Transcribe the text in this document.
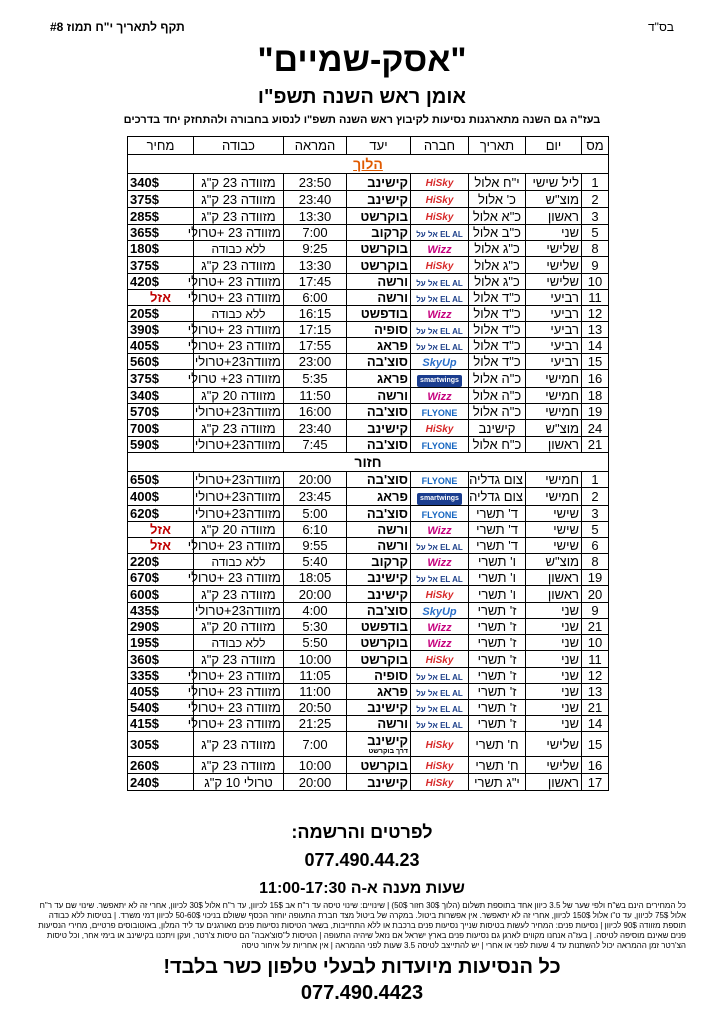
בס"ד
תקף לתאריך י"ח תמוז #8
"אסק-שמיים"
אומן ראש השנה תשפ"ו
בעז"ה גם השנה מתארגנות נסיעות לקיבוץ ראש השנה תשפ"ו לנסוע בחבורה ולהתחזק יחד בדרכים
מס	יום	תאריך	חברה	יעד	המראה	כבודה	מחיר
הלוך							
1	ליל שישי	י"ח אלול	HiSky	קישינב	23:50	מזוודה 23 ק"ג	340$
2	מוצ"ש	כ' אלול	HiSky	קישינב	23:40	מזוודה 23 ק"ג	375$
3	ראשון	כ"א אלול	HiSky	בוקרשט	13:30	מזוודה 23 ק"ג	285$
5	שני	כ"ב אלול	EL AL אל על	קרקוב	7:00	מזוודה 23 +טרולי	365$
8	שלישי	כ"ג אלול	Wizz	בוקרשט	9:25	ללא כבודה	180$
9	שלישי	כ"ג אלול	HiSky	בוקרשט	13:30	מזוודה 23 ק"ג	375$
10	שלישי	כ"ג אלול	EL AL אל על	ורשה	17:45	מזוודה 23 +טרולי	420$
11	רביעי	כ"ד אלול	EL AL אל על	ורשה	6:00	מזוודה 23 +טרולי	אזל
12	רביעי	כ"ד אלול	Wizz	בודפשט	16:15	ללא כבודה	205$
13	רביעי	כ"ד אלול	EL AL אל על	סופיה	17:15	מזוודה 23 +טרולי	390$
14	רביעי	כ"ד אלול	EL AL אל על	פראג	17:55	מזוודה 23 +טרולי	405$
15	רביעי	כ"ד אלול	SkyUp	סוצ'בה	23:00	מזוודה23+טרולי	560$
16	חמישי	כ"ה אלול	smartwings	פראג	5:35	מזוודה 23+ טרולי	375$
18	חמישי	כ"ה אלול	Wizz	ורשה	11:50	מזוודה 20 ק"ג	340$
19	חמישי	כ"ה אלול	FLYONE	סוצ'בה	16:00	מזוודה23+טרולי	570$
24	מוצ"ש	קישינב	HiSky	קישינב	23:40	מזוודה 23 ק"ג	700$
21	ראשון	כ"ח אלול	FLYONE	סוצ'בה	7:45	מזוודה23+טרולי	590$
חזור							
1	חמישי	צום גדליה	FLYONE	סוצ'בה	20:00	מזוודה23+טרולי	650$
2	חמישי	צום גדליה	smartwings	פראג	23:45	מזוודה23+טרולי	400$
3	שישי	ד' תשרי	FLYONE	סוצ'בה	5:00	מזוודה23+טרולי	620$
5	שישי	ד' תשרי	Wizz	ורשה	6:10	מזוודה 20 ק"ג	אזל
6	שישי	ד' תשרי	EL AL אל על	ורשה	9:55	מזוודה 23 +טרולי	אזל
8	מוצ"ש	ו' תשרי	Wizz	קרקוב	5:40	ללא כבודה	220$
19	ראשון	ו' תשרי	EL AL אל על	קישינב	18:05	מזוודה 23 +טרולי	670$
20	ראשון	ו' תשרי	HiSky	קישינב	20:00	מזוודה 23 ק"ג	600$
9	שני	ז' תשרי	SkyUp	סוצ'בה	4:00	מזוודה23+טרולי	435$
21	שני	ז' תשרי	Wizz	בודפשט	5:30	מזוודה 20 ק"ג	290$
10	שני	ז' תשרי	Wizz	בוקרשט	5:50	ללא כבודה	195$
11	שני	ז' תשרי	HiSky	בוקרשט	10:00	מזוודה 23 ק"ג	360$
12	שני	ז' תשרי	EL AL אל על	סופיה	11:05	מזוודה 23 +טרולי	335$
13	שני	ז' תשרי	EL AL אל על	פראג	11:00	מזוודה 23 +טרולי	405$
21	שני	ז' תשרי	EL AL אל על	קישינב	20:50	מזוודה 23 +טרולי	540$
14	שני	ז' תשרי	EL AL אל על	ורשה	21:25	מזוודה 23 +טרולי	415$
15	שלישי	ח' תשרי	HiSky	קישינב
דרך בוקרשט	7:00	מזוודה 23 ק"ג	305$
16	שלישי	ח' תשרי	HiSky	בוקרשט	10:00	מזוודה 23 ק"ג	260$
17	ראשון	י"ג תשרי	HiSky	קישינב	20:00	טרולי 10 ק"ג	240$
לפרטים והרשמה:
077.490.44.23
שעות מענה א-ה 11:00-17:30
כל המחירים הינם בש"ח ולפי שער של 3.5 כיוון אחד בתוספת תשלום (הלוך 30$ חזור 50$) | שינויים: שינוי טיסה עד ר"ח אב 15$ לכיוון, עד ר"ח אלול 30$ לכיוון, אחרי זה לא יתאפשר. שינוי שם עד ר"ח אלול 75$ לכיוון, עד ט"ו אלול 150$ לכיוון, אחרי זה לא יתאפשר. אין אפשרות ביטול. במקרה של ביטול מצד חברת התעופה יוחזר הכסף ששולם בניכוי 50-60$ לכיוון דמי משרד. | בטיסות ללא כבודה תוספת מזוודה 90$ לכיוון | נסיעות פנים: המחיר לעשות בטיסות שנייך נסיעות פנים ברכבת או ללא התחייבות, בשאר הטיסות נסיעות פנים מאורגנים עד ליד המלון, באוטובוסים פרטיים, מחירי הנסיעות פנים שאינם מוסיפה לטיסה. | בעז"ה אנחנו מקווים לארגן גם נסיעות פנים בארץ ישראל אם נזאל שיהיה התעופה | הטיסות ל"סוצ'אבה" הם טיסות צ'רטר, ועקן ויתכנו בקישינב או בימי אחר, וכל טיסות הצ'רטר זמן ההמראה יכול להשתנות עד 4 שעות לפני או אחרי | יש להתייצב לטיסה 3.5 שעות לפני ההמראה | אין אחריות על איחור טיסה
כל הנסיעות מיועדות לבעלי טלפון כשר בלבד!
077.490.4423
